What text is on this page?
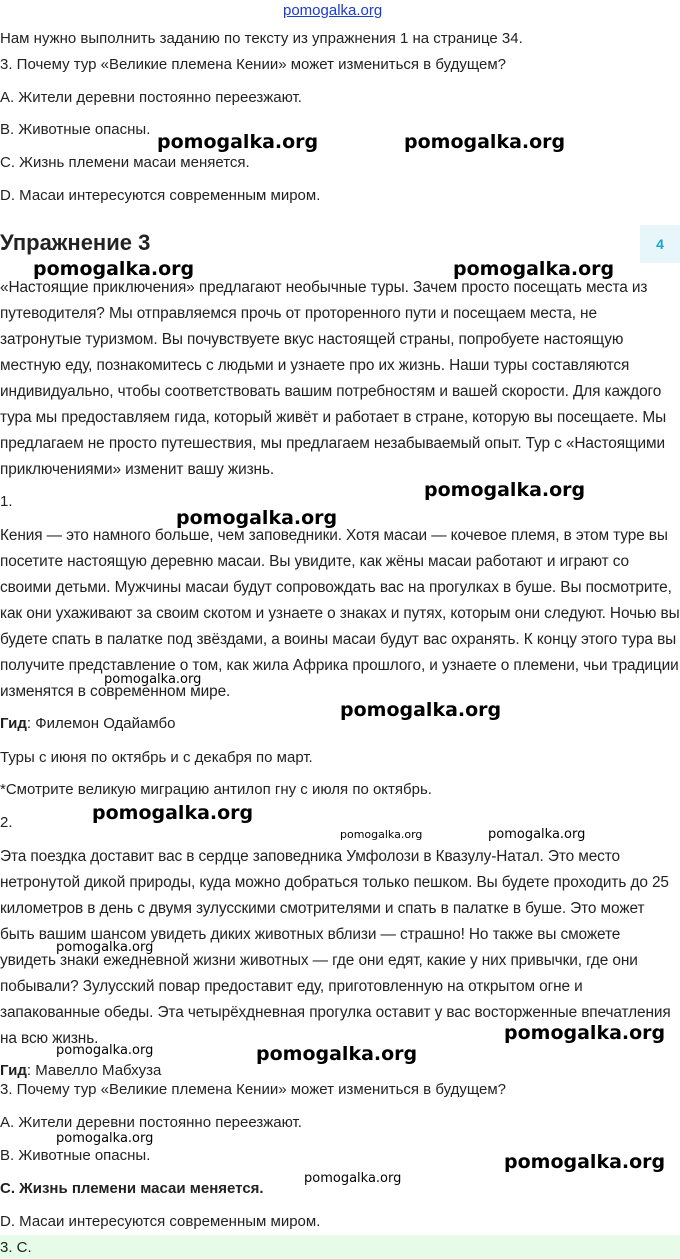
pomogalka.org
Нам нужно выполнить заданию по тексту из упражнения 1 на странице 34.
3. Почему тур «Великие племена Кении» может измениться в будущем?
A. Жители деревни постоянно переезжают.
B. Животные опасны.
C. Жизнь племени масаи меняется.
D. Масаи интересуются современным миром.
Упражнение 3	4
«Настоящие приключения» предлагают необычные туры. Зачем просто посещать места из путеводителя? Мы отправляемся прочь от проторенного пути и посещаем места, не затронутые туризмом. Вы почувствуете вкус настоящей страны, попробуете настоящую местную еду, познакомитесь с людьми и узнаете про их жизнь. Наши туры составляются индивидуально, чтобы соответствовать вашим потребностям и вашей скорости. Для каждого тура мы предоставляем гида, который живёт и работает в стране, которую вы посещаете. Мы предлагаем не просто путешествия, мы предлагаем незабываемый опыт. Тур с «Настоящими приключениями» изменит вашу жизнь.
1.
Кения — это намного больше, чем заповедники. Хотя масаи — кочевое племя, в этом туре вы посетите настоящую деревню масаи. Вы увидите, как жёны масаи работают и играют со своими детьми. Мужчины масаи будут сопровождать вас на прогулках в буше. Вы посмотрите, как они ухаживают за своим скотом и узнаете о знаках и путях, которым они следуют. Ночью вы будете спать в палатке под звёздами, а воины масаи будут вас охранять. К концу этого тура вы получите представление о том, как жила Африка прошлого, и узнаете о племени, чьи традиции изменятся в современном мире.
Гид: Филемон Одайамбо
Туры с июня по октябрь и с декабря по март.
*Смотрите великую миграцию антилоп гну с июля по октябрь.
2.
Эта поездка доставит вас в сердце заповедника Умфолози в Квазулу-Натал. Это место нетронутой дикой природы, куда можно добраться только пешком. Вы будете проходить до 25 километров в день с двумя зулусскими смотрителями и спать в палатке в буше. Это может быть вашим шансом увидеть диких животных вблизи — страшно! Но также вы сможете увидеть знаки ежедневной жизни животных — где они едят, какие у них привычки, где они побывали? Зулусский повар предоставит еду, приготовленную на открытом огне и запакованные обеды. Эта четырёхдневная прогулка оставит у вас восторженные впечатления на всю жизнь.
Гид: Мавелло Мабхуза
3. Почему тур «Великие племена Кении» может измениться в будущем?
A. Жители деревни постоянно переезжают.
B. Животные опасны.
C. Жизнь племени масаи меняется.
D. Масаи интересуются современным миром.
3. C.
pomogalka.org	pomogalka.org
pomogalka.org	pomogalka.org
pomogalka.org
pomogalka.org
pomogalka.org
pomogalka.org
pomogalka.org
pomogalka.org	pomogalka.org
pomogalka.org
pomogalka.org
pomogalka.org	pomogalka.org
pomogalka.org
pomogalka.org
pomogalka.org
